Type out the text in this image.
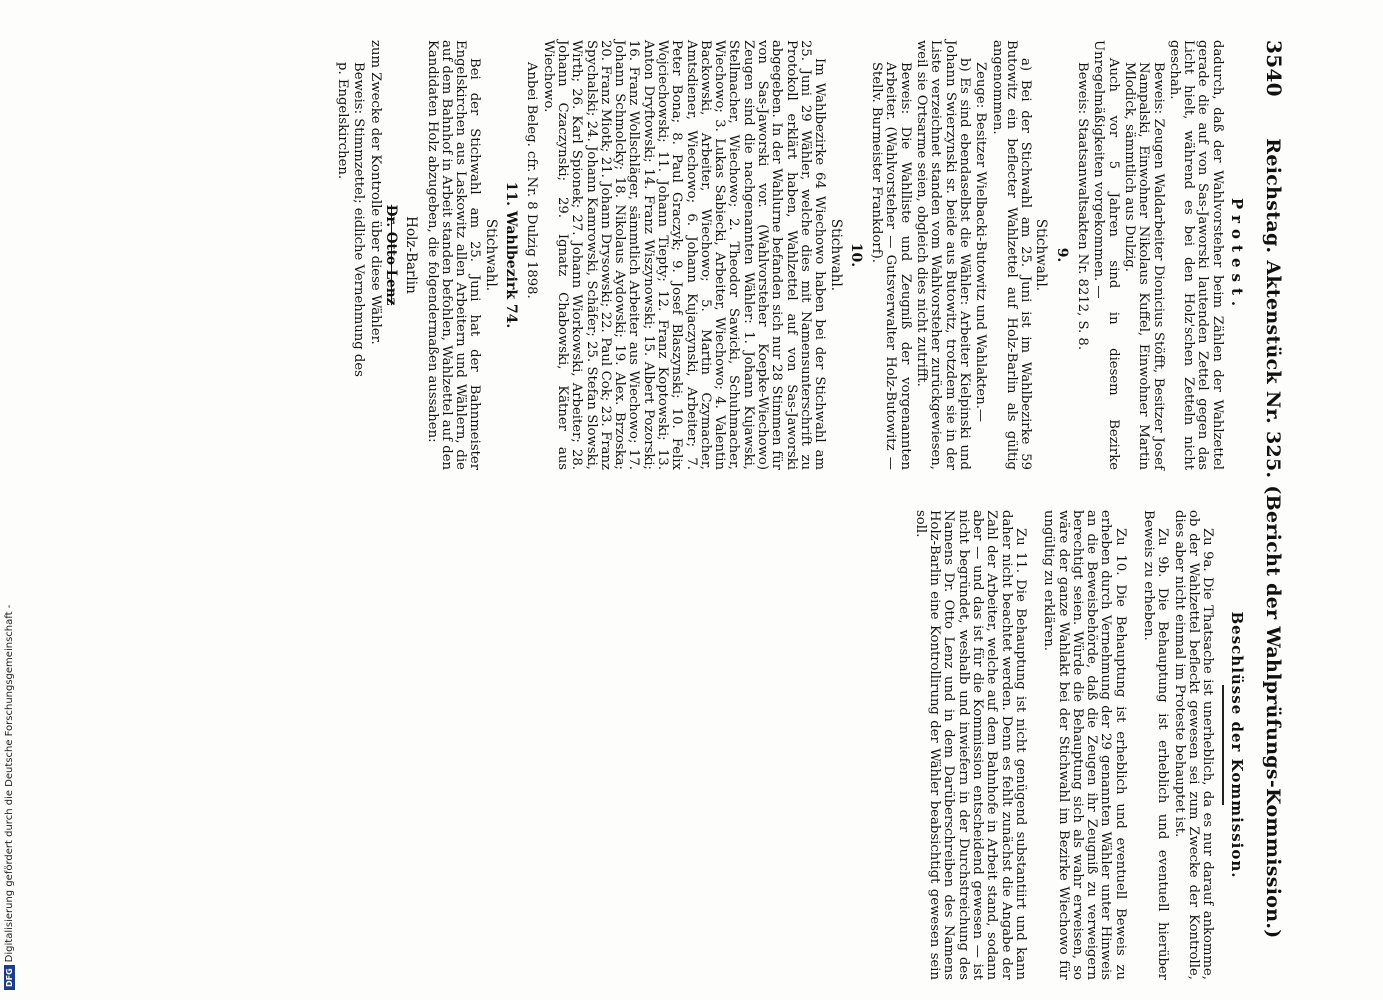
3540
Reichstag. Aktenstück Nr. 325. (Bericht der Wahlprüfungs-Kommission.)
Protest.

dadurch, daß der Wahlvorsteher beim Zählen der Wahlzettel gerade die auf von Sas-Jaworski lautenden Zettel gegen das Licht hielt, während es bei den Holz'schen Zetteln nicht geschah.

Beweis: Zeugen Waldarbeiter Dionicius Stöfft, Besitzer Josef Nampalski, Einwohner Nikolaus Kuffel, Einwohner Martin Mlodick, sämmtlich aus Dulzig.

Auch vor 5 Jahren sind in diesem Bezirke Unregelmäßigkeiten vorgekommen. —

Beweis: Staatsanwaltsakten Nr. 8212, S. 8.

9.
Stichwahl.

a) Bei der Stichwahl am 25. Juni ist im Wahlbezirke 59 Butowitz ein beflecter Wahlzettel auf Holz-Barlin als gültig angenommen.

Zeuge: Besitzer Wielbacki-Butowitz und Wahlakten.—

b) Es sind ebendaselbst die Wähler: Arbeiter Kielpinski und Johann Swierzynski sr. beide aus Butowitz, trotzdem sie in der Liste verzeichnet standen vom Wahlvorsteher zurückgewiesen, weil sie Ortsarme seien, obgleich dies nicht zutrifft.

Beweis: Die Wahlliste und Zeugniß der vorgenannten Arbeiter. (Wahlvorsteher — Gutsverwalter Holz-Butowitz — Stellv. Burmeister Frankdorf).

10.
Stichwahl.

Im Wahlbezirke 64 Wiechowo haben bei der Stichwahl am 25. Juni 29 Wähler, welche dies mit Namensunterschrift zu Protokoll erklärt haben, Wahlzettel auf von Sas-Jaworski abgegeben. In der Wahlurne befanden sich nur 28 Stimmen für von Sas-Jaworski vor. (Wahlvorsteher Koepke-Wiechowo) Zeugen sind die nachgenannten Wähler: 1. Johann Kujawski, Stellmacher, Wiechowo; 2. Theodor Sawicki, Schuhmacher, Wiechowo; 3. Lukas Sabiecki, Arbeiter, Wiechowo; 4. Valentin Backowski, Arbeiter, Wiechowo; 5. Martin Czymacher, Amtsdiener, Wiechowo; 6. Johann Kujaczynski, Arbeiter; 7. Peter Bona; 8. Paul Graczyk; 9. Josef Blaszynski; 10. Felix Wojciechowski; 11. Johann Tiepty; 12. Franz Koptowski; 13. Anton Dryftowski; 14. Franz Wiszynowski; 15. Albert Pozorski; 16. Franz Wollschläger, sämmtlich Arbeiter aus Wiechowo; 17. Johann Schmolcky; 18. Nikolaus Aydowski; 19. Alex. Brzoska; 20. Franz Miotk; 21. Johann Drysowski; 22. Paul Cok; 23. Franz Spychalski; 24. Johann Kamrowski, Schäfer; 25. Stefan Slowski, Wirth; 26. Karl Spionek; 27. Johann Wiorkowski, Arbeiter; 28. Johann Czaczynski; 29. Ignatz Chabowski, Kätner aus Wiechowo.

Anbei Beleg. cfr. Nr. 8 Dulzig 1898.

11. Wahlbezirk 74.
Stichwahl.

Bei der Stichwahl am 25. Juni hat der Bahnmeister Engelskirchen aus Laskowitz allen Arbeitern und Wählern, die auf dem Bahnhof in Arbeit standen befohlen, Wahlzettel auf den Kandidaten Holz abzugeben, die folgendermaßen aussahen:

Holz-Barlin
Dr. Otto Lenz

zum Zwecke der Kontrolle über diese Wähler.

Beweis: Stimmzettel; eidliche Vernehmung des

p. Engelskirchen.

Beschlüsse der Kommission.

Zu 9a. Die Thatsache ist unerheblich, da es nur darauf ankomme, ob der Wahlzettel befleckt gewesen sei zum Zwecke der Kontrolle, dies aber nicht einmal im Proteste behauptet ist.

Zu 9b. Die Behauptung ist erheblich und eventuell hierüber Beweis zu erheben.

Zu 10. Die Behauptung ist erheblich und eventuell Beweis zu erheben durch Vernehmung der 29 genannten Wähler unter Hinweis an die Beweisbehörde, daß die Zeugen ihr Zeugniß zu verweigern berechtigt seien. Würde die Behauptung sich als wahr erweisen, so wäre der ganze Wahlakt bei der Stichwahl im Bezirke Wiechowo für ungültig zu erklären.

Zu 11. Die Behauptung ist nicht genügend substantiirt und kann daher nicht beachtet werden. Denn es fehlt zunächst die Angabe der Zahl der Arbeiter, welche auf dem Bahnhofe in Arbeit stand, sodann aber — und das ist für die Kommission entscheidend gewesen — ist nicht begründet, weshalb und inwiefern in der Durchstreichung des Namens Dr. Otto Lenz und in dem Darüberschreiben des Namens Holz-Barlin eine Kontrollirung der Wähler beabsichtigt gewesen sein soll.

DFGDigitalisierung gefördert durch die Deutsche Forschungsgemeinschaft -
